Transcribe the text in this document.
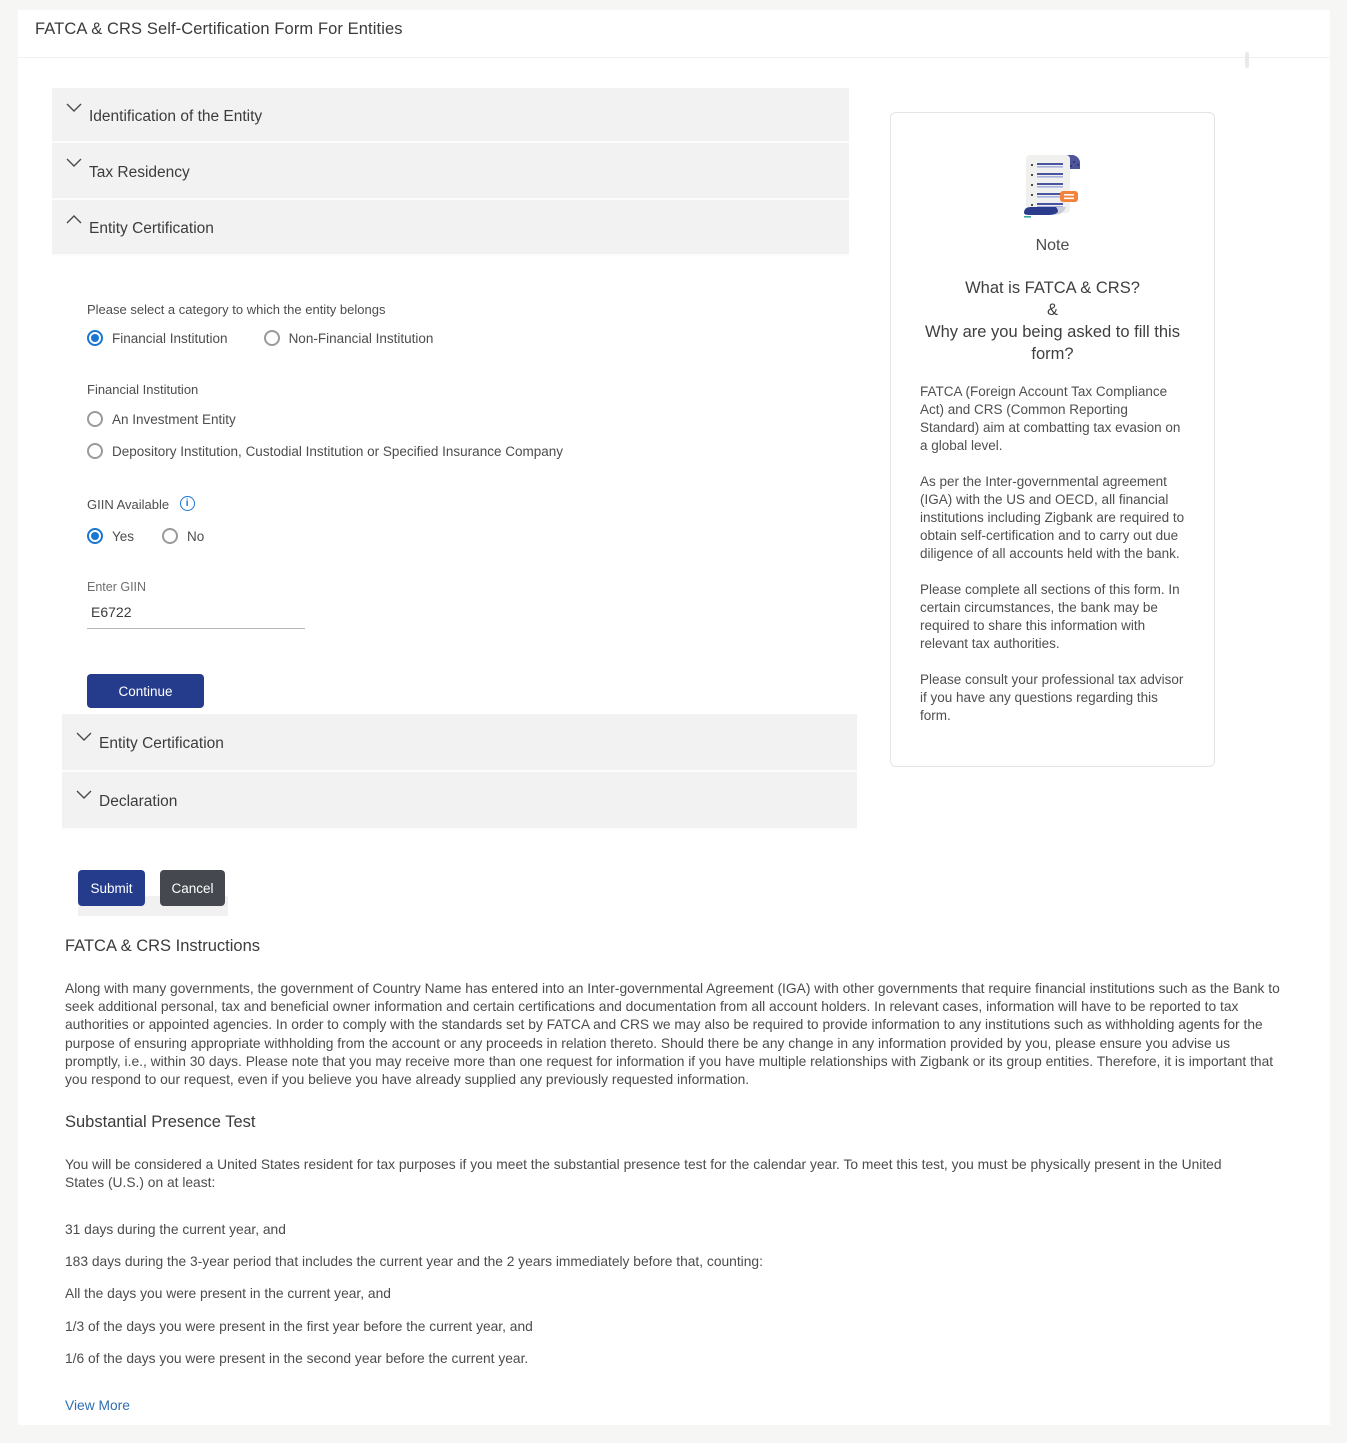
FATCA & CRS Self-Certification Form For Entities
Identification of the Entity
Tax Residency
Entity Certification
Please select a category to which the entity belongs
Financial Institution	Non-Financial Institution
Financial Institution
An Investment Entity
Depository Institution, Custodial Institution or Specified Insurance Company
GIIN Available i
Yes	No
Enter GIIN
E6722
Continue
Entity Certification
Declaration
Submit	Cancel
Note
What is FATCA & CRS?
&
Why are you being asked to fill this form?

FATCA (Foreign Account Tax Compliance Act) and CRS (Common Reporting Standard) aim at combatting tax evasion on a global level.

As per the Inter-governmental agreement (IGA) with the US and OECD, all financial institutions including Zigbank are required to obtain self-certification and to carry out due diligence of all accounts held with the bank.

Please complete all sections of this form. In certain circumstances, the bank may be required to share this information with relevant tax authorities.

Please consult your professional tax advisor if you have any questions regarding this form.

FATCA & CRS Instructions
Along with many governments, the government of Country Name has entered into an Inter-governmental Agreement (IGA) with other governments that require financial institutions such as the Bank to seek additional personal, tax and beneficial owner information and certain certifications and documentation from all account holders. In relevant cases, information will have to be reported to tax authorities or appointed agencies. In order to comply with the standards set by FATCA and CRS we may also be required to provide information to any institutions such as withholding agents for the purpose of ensuring appropriate withholding from the account or any proceeds in relation thereto. Should there be any change in any information provided by you, please ensure you advise us promptly, i.e., within 30 days. Please note that you may receive more than one request for information if you have multiple relationships with Zigbank or its group entities. Therefore, it is important that you respond to our request, even if you believe you have already supplied any previously requested information.
Substantial Presence Test
You will be considered a United States resident for tax purposes if you meet the substantial presence test for the calendar year. To meet this test, you must be physically present in the United States (U.S.) on at least:
31 days during the current year, and
183 days during the 3-year period that includes the current year and the 2 years immediately before that, counting:
All the days you were present in the current year, and
1/3 of the days you were present in the first year before the current year, and
1/6 of the days you were present in the second year before the current year.
View More
